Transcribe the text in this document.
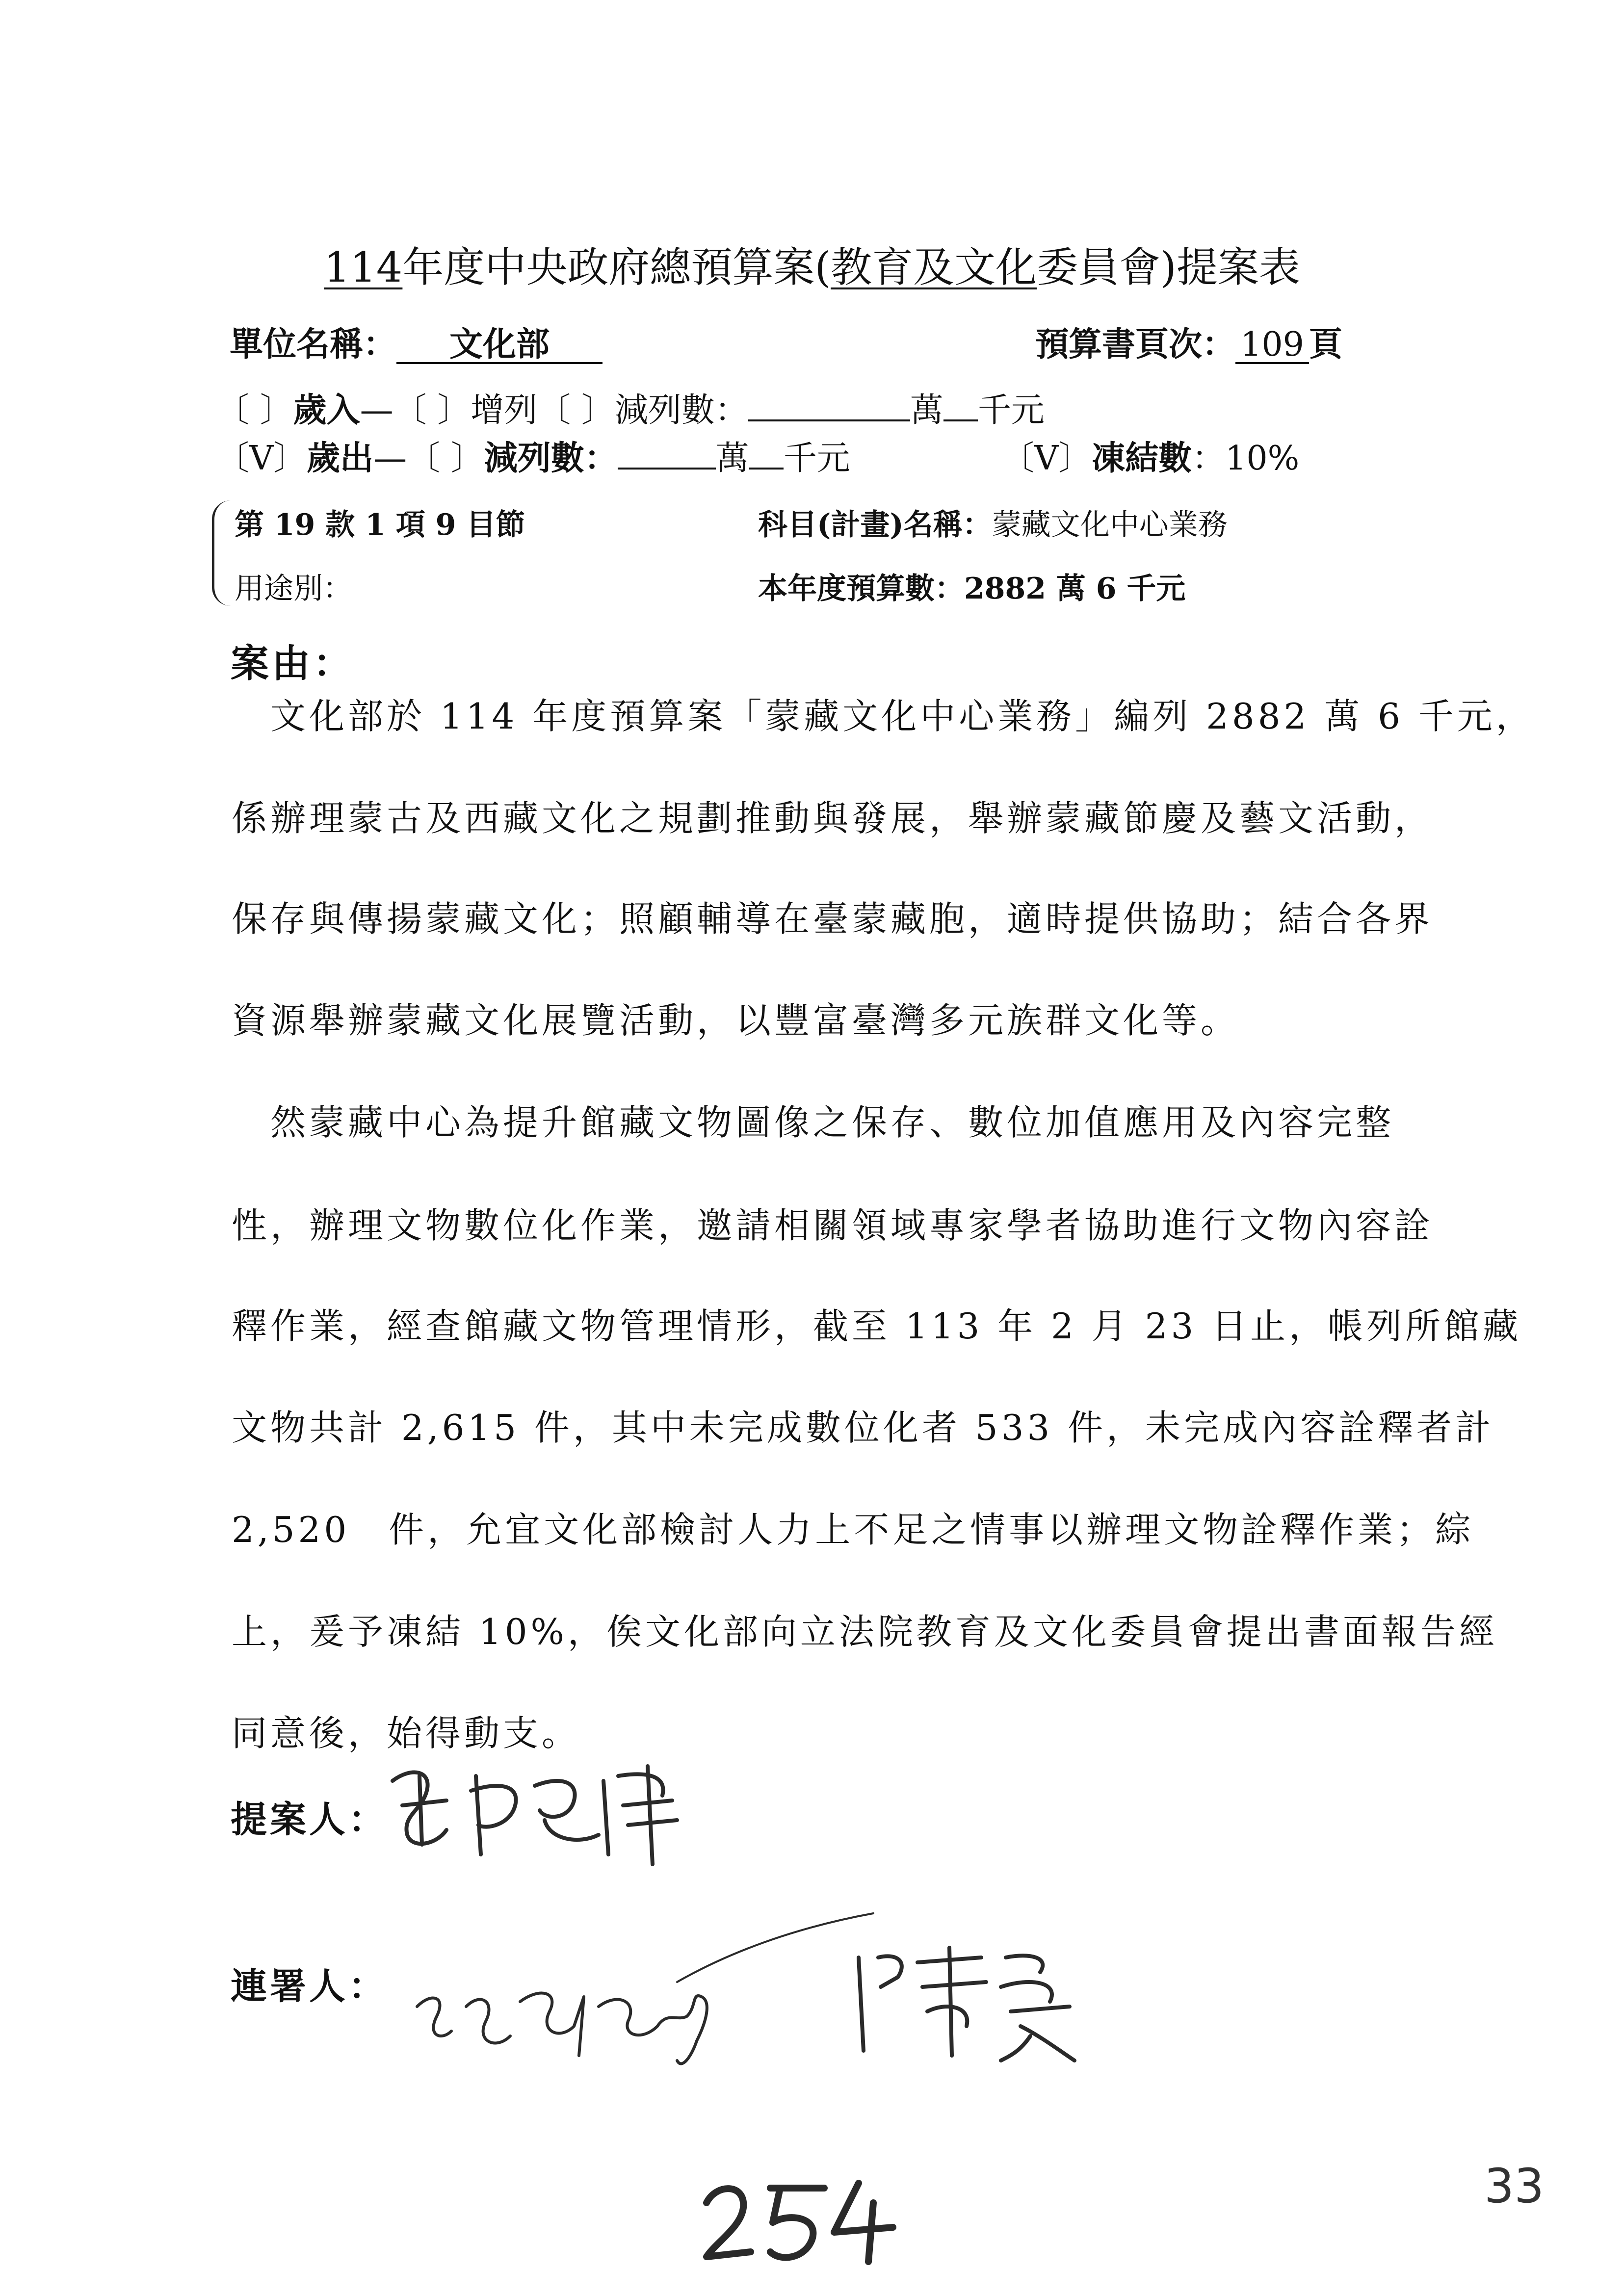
114年度中央政府總預算案(教育及文化委員會)提案表
單位名稱： 文化部	預算書頁次： 109 頁
〔 〕歲入—〔 〕增列〔 〕減列數：	萬 千元
〔V〕歲出—〔 〕減列數：	萬 千元	〔V〕凍結數：10%
第 19 款 1 項 9 目節	科目(計畫)名稱：蒙藏文化中心業務
用途別：	本年度預算數：2882 萬 6 千元
案由：
　文化部於 114 年度預算案「蒙藏文化中心業務」編列 2882 萬 6 千元，
係辦理蒙古及西藏文化之規劃推動與發展，舉辦蒙藏節慶及藝文活動，
保存與傳揚蒙藏文化；照顧輔導在臺蒙藏胞，適時提供協助；結合各界
資源舉辦蒙藏文化展覽活動，以豐富臺灣多元族群文化等。
　然蒙藏中心為提升館藏文物圖像之保存、數位加值應用及內容完整
性，辦理文物數位化作業，邀請相關領域專家學者協助進行文物內容詮
釋作業，經查館藏文物管理情形，截至 113 年 2 月 23 日止，帳列所館藏
文物共計 2,615 件，其中未完成數位化者 533 件，未完成內容詮釋者計
2,520　件，允宜文化部檢討人力上不足之情事以辦理文物詮釋作業；綜
上，爰予凍結 10%，俟文化部向立法院教育及文化委員會提出書面報告經
同意後，始得動支。
提案人：
連署人：
33
